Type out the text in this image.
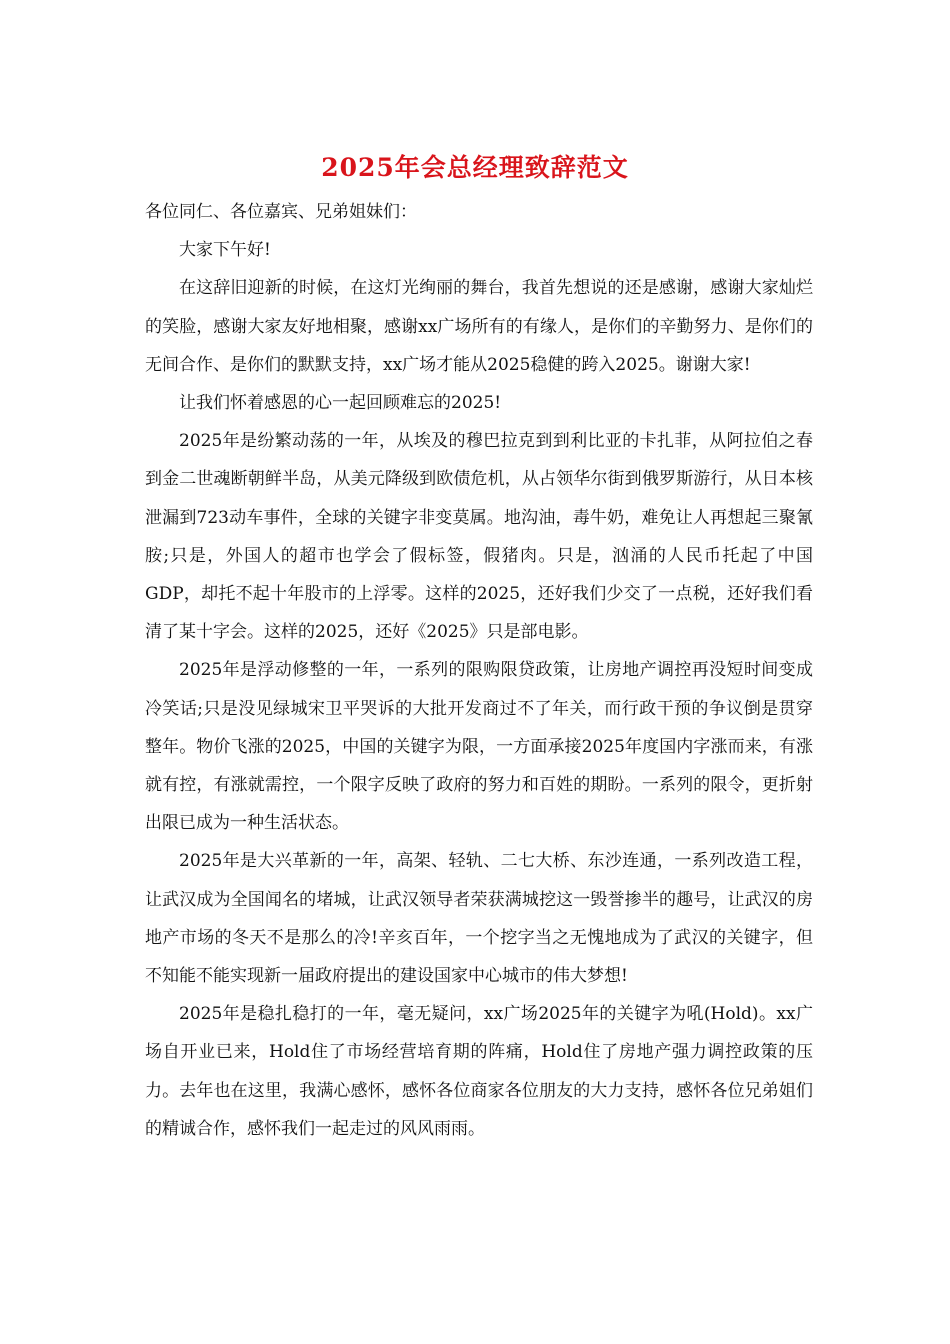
2025年会总经理致辞范文

各位同仁、各位嘉宾、兄弟姐妹们：

大家下午好!

在这辞旧迎新的时候，在这灯光绚丽的舞台，我首先想说的还是感谢，感谢大家灿烂的笑脸，感谢大家友好地相聚，感谢xx广场所有的有缘人，是你们的辛勤努力、是你们的无间合作、是你们的默默支持，xx广场才能从2025稳健的跨入2025。谢谢大家!

让我们怀着感恩的心一起回顾难忘的2025!

2025年是纷繁动荡的一年，从埃及的穆巴拉克到到利比亚的卡扎菲，从阿拉伯之春到金二世魂断朝鲜半岛，从美元降级到欧债危机，从占领华尔街到俄罗斯游行，从日本核泄漏到723动车事件，全球的关键字非变莫属。地沟油，毒牛奶，难免让人再想起三聚氰胺;只是，外国人的超市也学会了假标签，假猪肉。只是，汹涌的人民币托起了中国GDP，却托不起十年股市的上浮零。这样的2025，还好我们少交了一点税，还好我们看清了某十字会。这样的2025，还好《2025》只是部电影。

2025年是浮动修整的一年，一系列的限购限贷政策，让房地产调控再没短时间变成冷笑话;只是没见绿城宋卫平哭诉的大批开发商过不了年关，而行政干预的争议倒是贯穿整年。物价飞涨的2025，中国的关键字为限，一方面承接2025年度国内字涨而来，有涨就有控，有涨就需控，一个限字反映了政府的努力和百姓的期盼。一系列的限令，更折射出限已成为一种生活状态。

2025年是大兴革新的一年，高架、轻轨、二七大桥、东沙连通，一系列改造工程，让武汉成为全国闻名的堵城，让武汉领导者荣获满城挖这一毁誉掺半的趣号，让武汉的房地产市场的冬天不是那么的冷!辛亥百年，一个挖字当之无愧地成为了武汉的关键字，但不知能不能实现新一届政府提出的建设国家中心城市的伟大梦想!

2025年是稳扎稳打的一年，毫无疑问，xx广场2025年的关键字为吼(Hold)。xx广场自开业已来，Hold住了市场经营培育期的阵痛，Hold住了房地产强力调控政策的压力。去年也在这里，我满心感怀，感怀各位商家各位朋友的大力支持，感怀各位兄弟姐们的精诚合作，感怀我们一起走过的风风雨雨。
